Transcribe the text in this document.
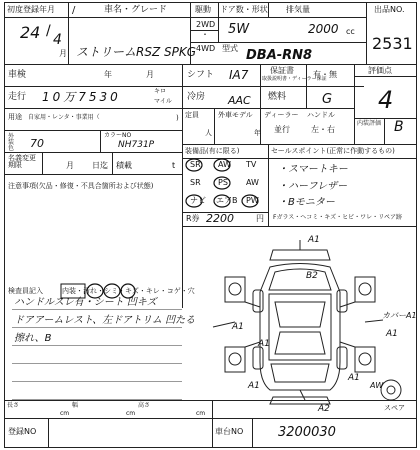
初度登録年月
24 /
4
月
/	車名・グレード
ストリームRSZ SPKG
駆動 ドア数・形状 排気量
2WD
・
4WD
5W	2000 cc
型式 DBA-RN8
出品NO.
2531
車検	年	月	シフト IA7	保証書
取扱説明書・ディーラー保証
有・無	評価点
4
走行 10万7530	キロ
マイル 冷房 AAC 燃料	G
用途 自家用・レンタ・事業用（	) 定員
人
外車モデル
年
ディーラー
並行
ハンドル
左・右
内装評価 B
外装色	70
カラーNO
NH731P
名義変更期限	月 日迄 積載	t
注意事項(欠品・修復・不具合箇所および状態)
装備品(有に限る)
SR AW TV
SR PS AW
ナビ エアB PW
R券 2200	円
セールスポイント(正常に作動するもの)
・スマートキー
・ハーフレザー
・Bモニター
Fガラス・ヘコミ・キズ・ヒビ・ワレ・リペア跡
検査員記入	内装・汚れ・シミ・キズ・キレ・コゲ・穴
ハンドルスレ有・シート 凹キズ
ドアアームレスト、左ドアトリム 凹たる
擦れ、B
A1
B2
A1
A1
カバーA1
A1
A1
A1
AW
A2	スペア
長さ
cm
幅
cm
高さ
cm
登録NO	車台NO	3200030
